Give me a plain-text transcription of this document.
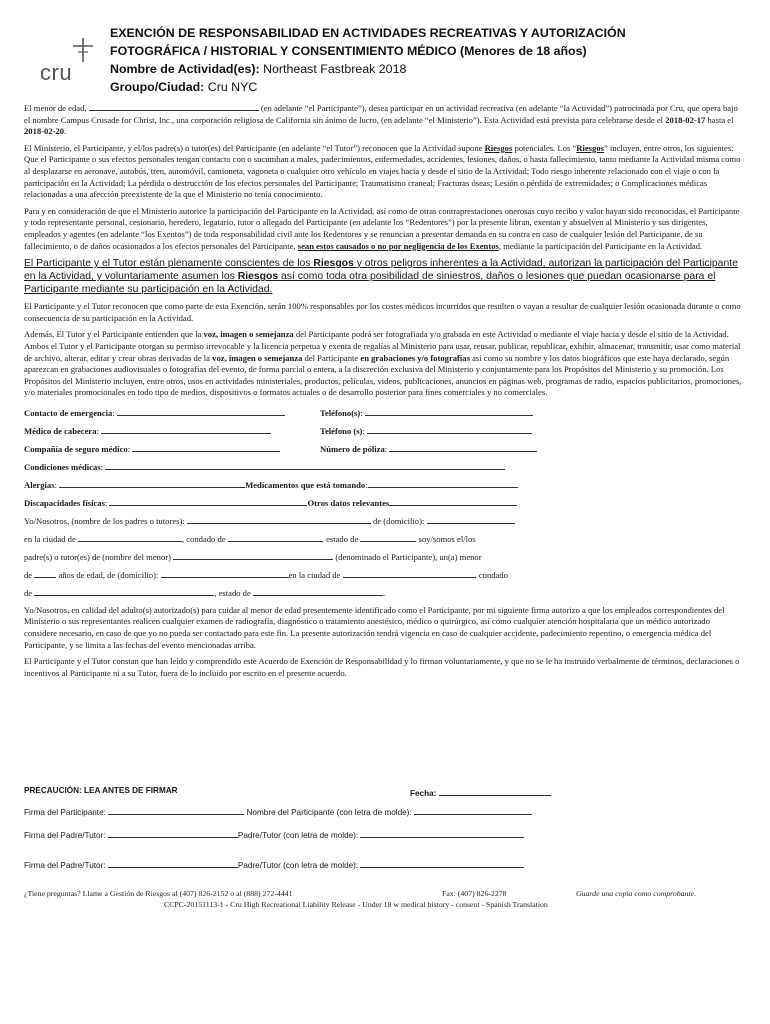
cru
EXENCIÓN DE RESPONSABILIDAD EN ACTIVIDADES RECREATIVAS Y AUTORIZACIÓN
FOTOGRÁFICA / HISTORIAL Y CONSENTIMIENTO MÉDICO (Menores de 18 años)
Nombre de Actividad(es): Northeast Fastbreak 2018
Groupo/Ciudad: Cru NYC

El menor de edad,	(en adelante “el Participante”), desea participar en un actividad recreativa (en adelante “la Actividad”) patrocinada por Cru, que opera bajo el nombre Campus Crusade for Christ, Inc., una corporación religiosa de California sin ánimo de lucro, (en adelante “el Ministerio”). Esta Actividad está prevista para celebrarse desde el 2018-02-17 hasta el 2018-02-20.

El Ministerio, el Participante, y el/los padre(s) o tutor(es) del Participante (en adelante “el Tutor”) reconocen que la Actividad supone Riesgos potenciales. Los “Riesgos” incluyen, entre otros, los siguientes: Que el Participante o sus efectos personales tengan contacto con o sucumban a males, padecimientos, enfermedades, accidentes, lesiones, daños, o hasta fallecimiento, tanto mediante la Actividad misma como al desplazarse en aeronave, autobús, tren, automóvil, camioneta, vagoneta o cualquier otro vehículo en viajes hacia y desde el sitio de la Actividad; Todo riesgo inherente relacionado con el viaje o con la participación en la Actividad; La pérdida o destrucción de los efectos personales del Participante; Traumatismo craneal; Fracturas óseas; Lesión o pérdida de extremidades; o Complicaciones médicas relacionadas a una afección preexistente de la que el Ministerio no tenía conocimiento.

Para y en consideración de que el Ministerio autorice la participación del Participante en la Actividad, así como de otras contraprestaciones onerosas cuyo recibo y valor hayan sido reconocidas, el Participante y todo representante personal, cesionario, heredero, legatario, tutor o allegado del Participante (en adelante los “Redentores”) por la presente libran, exentan y absuelven al Ministerio y sus dirigentes, empleados y agentes (en adelante “los Exentos”) de toda responsabilidad civil ante los Redentores y se renuncian a presentar demanda en su contra en caso de cualquier lesión del Participante, de su fallecimiento, o de daños ocasionados a los efectos personales del Participante, sean estos causados o no por negligencia de los Exentos, mediante la participación del Participante en la Actividad.

El Participante y el Tutor están plenamente conscientes de los Riesgos y otros peligros inherentes a la Actividad, autorizan la participación del Participante en la Actividad, y voluntariamente asumen los Riesgos así como toda otra posibilidad de siniestros, daños o lesiones que puedan ocasionarse para el Participante mediante su participación en la Actividad.

El Participante y el Tutor reconocen que como parte de esta Exención, serán 100% responsables por los costes médicos incurridos que resulten o vayan a resultar de cualquier lesión ocasionada durante o como consecuencia de su participación en la Actividad.

Además, El Tutor y el Participante entienden que la voz, imagen o semejanza del Participante podrá ser fotografiada y/o grabada en este Actividad o mediante el viaje hacia y desde el sitio de la Actividad. Ambos el Tutor y el Participante otorgan su permiso irrevocable y la licencia perpetua y exenta de regalías al Ministerio para usar, reusar, publicar, republicar, exhibir, almacenar, transmitir, usar como material de archivo, alterar, editar y crear obras derivadas de la voz, imagen o semejanza del Participante en grabaciones y/o fotografías así como su nombre y los datos biográficos que este haya declarado, según aparezcan en grabaciones audiovisuales o fotografías del evento, de forma parcial o entera, a la discreción exclusiva del Ministerio y conjuntamente para los Propósitos del Ministerio y su promoción. Los Propósitos del Ministerio incluyen, entre otros, usos en actividades ministeriales, productos, películas, videos, publicaciones, anuncios en páginas web, programas de radio, espacios publicitarios, promociones, y/o materiales promocionales en todo tipo de medios, dispositivos o formatos actuales o de desarrollo posterior para fines comerciales y no comerciales.

Contacto de emergencia:	Teléfono(s):
Médico de cabecera:	Teléfono (s):
Compañía de seguro médico:	Número de póliza:
Condiciones médicas:
Alergias:	Medicamentos que está tomando:
Discapacidades físicas:	Otros datos relevantes
Yo/Nosotros, (nombre de los padres o tutores):	de (domicilio):
en la ciudad de	, condado de	, estado de	soy/somos el/los
padre(s) o tutor(es) de (nombre del menor)	(denominado el Participante), un(a) menor
de	años de edad, de (domicilio):	en la ciudad de	, condado
de	, estado de	.

Yo/Nosotros, en calidad del adulto(s) autorizado(s) para cuidar al menor de edad presentemente identificado como el Participante, por mi siguiente firma autorizo a que los empleados correspondientes del Ministerio o sus representantes realicen cualquier examen de radiografía, diagnóstico o tratamiento anestésico, médico o quirúrgico, así como cualquier atención hospitalaria que un médico autorizado considere necesario, en caso de que yo no pueda ser contactado para este fin. La presente autorización tendrá vigencia en caso de cualquier accidente, padecimiento repentino, o emergencia médica del Participante, y se limita a las fechas del evento mencionadas arriba.

El Participante y el Tutor constan que han leído y comprendido este Acuerdo de Exención de Responsabilidad y lo firman voluntariamente, y que no se le ha instruido verbalmente de términos, declaraciones o incentivos al Participante ni a su Tutor, fuera de lo incluido por escrito en el presente acuerdo.

PRECAUCIÓN: LEA ANTES DE FIRMAR	Fecha:
Firma del Participante:	Nombre del Participante (con letra de molde):
Firma del Padre/Tutor:	Padre/Tutor (con letra de molde):
Firma del Padre/Tutor:	Padre/Tutor (con letra de molde):
¿Tiene preguntas? Llame a Gestión de Riesgos al (407) 826-2152 o al (888) 272-4441	Fax: (407) 826-2278	Guarde una copia como comprobante.
CCPC-20151113-1 - Cru High Recreational Liability Release - Under 18 w medical history - consent - Spanish Translation
